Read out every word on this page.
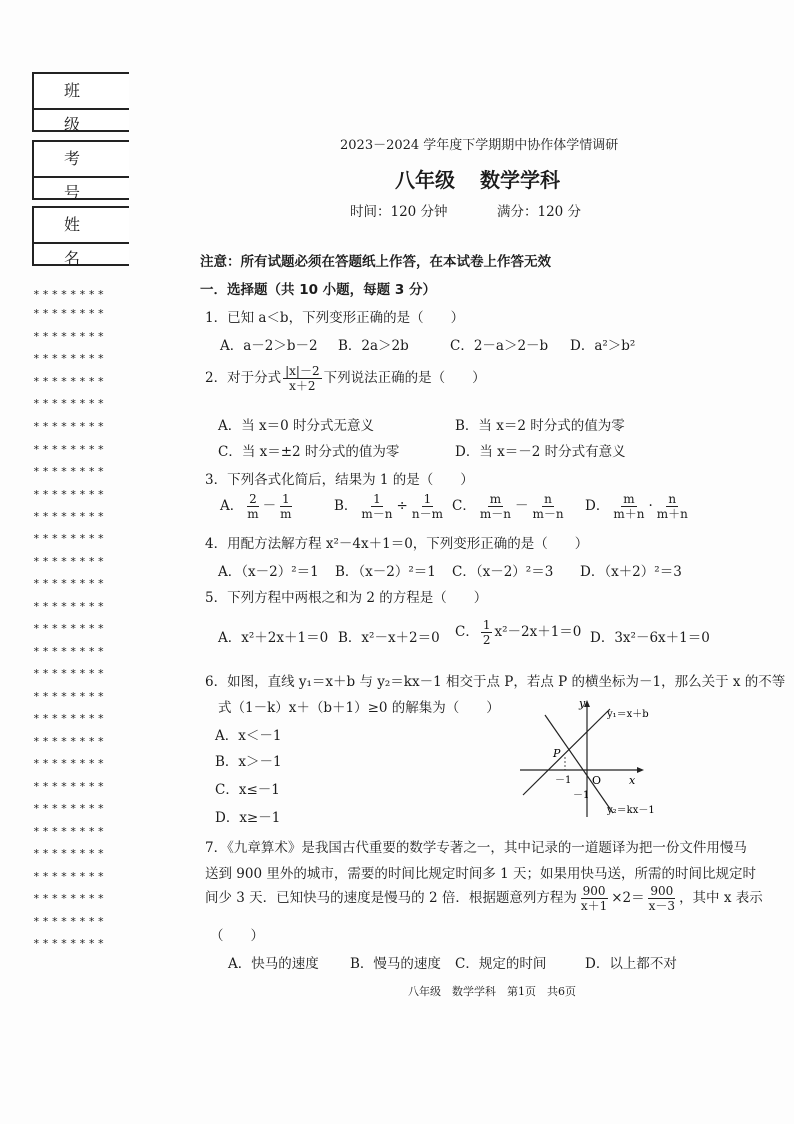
班 级
考 号
姓 名
********
********
********
********
********
********
********
********
********
********
********
********
********
********
********
********
********
********
********
********
********
********
********
********
********
********
********
********
********
********
2023－2024 学年度下学期期中协作体学情调研
八年级 数学学科
时间：120 分钟	满分：120 分
注意：所有试题必须在答题纸上作答，在本试卷上作答无效
一．选择题（共 10 小题，每题 3 分）
1．已知 a＜b，下列变形正确的是（　　）
A．a－2＞b－2 B．2a＞2b	C．2－a＞2－b D．a²＞b²
2．对于分式 $\frac{|x|-2}{x+2}$ 下列说法正确的是（　　）
A．当 x＝0 时分式无意义	B．当 x＝2 时分式的值为零
C．当 x＝±2 时分式的值为零	D．当 x＝－2 时分式有意义
3．下列各式化简后，结果为 1 的是（　　）
A． $\frac{2}{m} - \frac{1}{m}$	B． $\frac{1}{m-n} \div \frac{1}{n-m}$ C． $\frac{m}{m-n} - \frac{n}{m-n}$ D． $\frac{m}{m+n} \cdot \frac{n}{m+n}$
4．用配方法解方程 x²－4x＋1＝0，下列变形正确的是（　　）
A．（x－2）²＝1 B．（x－2）²＝1 C．（x－2）²＝3 D．（x＋2）²＝3
5．下列方程中两根之和为 2 的方程是（　　）
A．x²＋2x＋1＝0 B．x²－x＋2＝0 C． $\frac{1}{2} x^2-2x+1=0$ D．3x²－6x＋1＝0
6．如图，直线 y₁＝x＋b 与 y₂＝kx－1 相交于点 P，若点 P 的横坐标为－1，那么关于 x 的不等
式（1－k）x＋（b＋1）≥0 的解集为（　　）
A．x＜－1
B．x＞－1
C．x≤－1
D．x≥－1
y
x
O
P
－1
－1
y₁＝x＋b
y₂＝kx－1
7．《九章算术》是我国古代重要的数学专著之一，其中记录的一道题译为把一份文件用慢马
送到 900 里外的城市，需要的时间比规定时间多 1 天；如果用快马送，所需的时间比规定时
间少 3 天．已知快马的速度是慢马的 2 倍．根据题意列方程为 $\frac{900}{x+1} \times 2= \frac{900}{x-3}$ ，其中 x 表示
（　　）
A．快马的速度 B．慢马的速度 C．规定的时间	D．以上都不对
八年级　数学学科　第1页　共6页
